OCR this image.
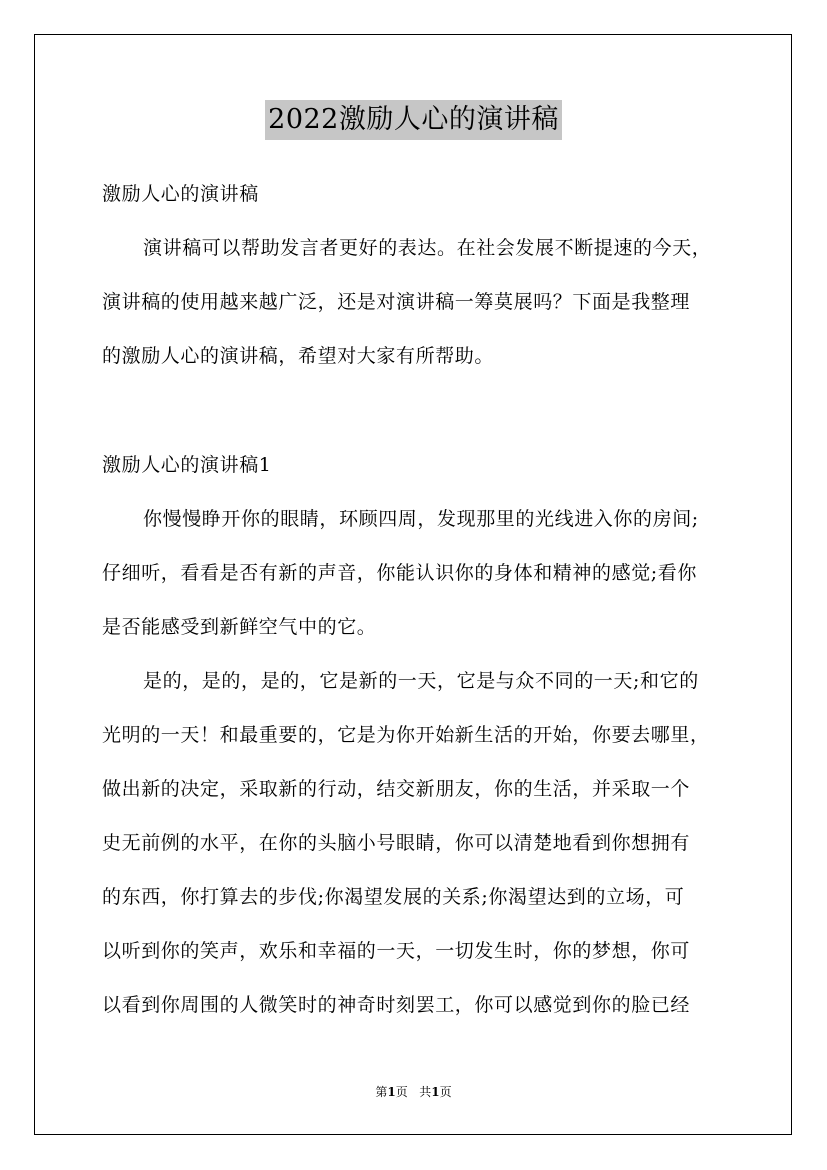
2022激励人心的演讲稿
激励人心的演讲稿
演讲稿可以帮助发言者更好的表达。在社会发展不断提速的今天，
演讲稿的使用越来越广泛，还是对演讲稿一筹莫展吗？下面是我整理
的激励人心的演讲稿，希望对大家有所帮助。
激励人心的演讲稿1
你慢慢睁开你的眼睛，环顾四周，发现那里的光线进入你的房间;
仔细听，看看是否有新的声音，你能认识你的身体和精神的感觉;看你
是否能感受到新鲜空气中的它。
是的，是的，是的，它是新的一天，它是与众不同的一天;和它的
光明的一天！和最重要的，它是为你开始新生活的开始，你要去哪里，
做出新的决定，采取新的行动，结交新朋友，你的生活，并采取一个
史无前例的水平，在你的头脑小号眼睛，你可以清楚地看到你想拥有
的东西，你打算去的步伐;你渴望发展的关系;你渴望达到的立场，可
以听到你的笑声，欢乐和幸福的一天，一切发生时，你的梦想，你可
以看到你周围的人微笑时的神奇时刻罢工，你可以感觉到你的脸已经
第1页 共1页
